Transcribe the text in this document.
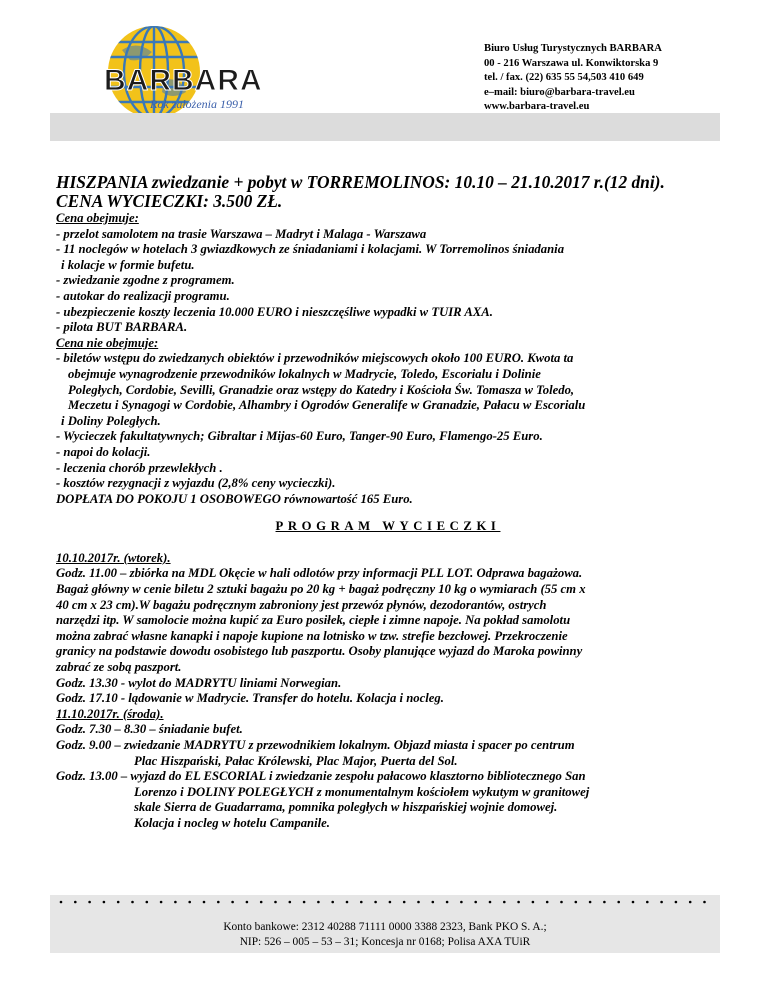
BARBARA
Rok założenia 1991
Biuro Usług Turystycznych BARBARA
00 - 216 Warszawa ul. Konwiktorska 9
tel. / fax. (22) 635 55 54,503 410 649
e–mail: biuro@barbara-travel.eu
www.barbara-travel.eu
HISZPANIA zwiedzanie + pobyt w TORREMOLINOS: 10.10 – 21.10.2017 r.(12 dni).
CENA WYCIECZKI: 3.500 ZŁ.
Cena obejmuje:
- przelot samolotem na trasie Warszawa – Madryt i Malaga - Warszawa
- 11 noclegów w hotelach 3 gwiazdkowych ze śniadaniami i kolacjami. W Torremolinos śniadania
i kolacje w formie bufetu.
- zwiedzanie zgodne z programem.
- autokar do realizacji programu.
- ubezpieczenie koszty leczenia 10.000 EURO i nieszczęśliwe wypadki w TUIR AXA.
- pilota BUT BARBARA.
Cena nie obejmuje:
- biletów wstępu do zwiedzanych obiektów i przewodników miejscowych około 100 EURO. Kwota ta
obejmuje wynagrodzenie przewodników lokalnych w Madrycie, Toledo, Escorialu i Dolinie
Poległych, Cordobie, Sevilli, Granadzie oraz wstępy do Katedry i Kościoła Św. Tomasza w Toledo,
Meczetu i Synagogi w Cordobie, Alhambry i Ogrodów Generalife w Granadzie, Pałacu w Escorialu
i Doliny Poległych.
- Wycieczek fakultatywnych; Gibraltar i Mijas-60 Euro, Tanger-90 Euro, Flamengo-25 Euro.
- napoi do kolacji.
- leczenia chorób przewlekłych .
- kosztów rezygnacji z wyjazdu (2,8% ceny wycieczki).
DOPŁATA DO POKOJU 1 OSOBOWEGO równowartość 165 Euro.
PROGRAM WYCIECZKI
10.10.2017r. (wtorek).
Godz. 11.00 – zbiórka na MDL Okęcie w hali odlotów przy informacji PLL LOT. Odprawa bagażowa.
Bagaż główny w cenie biletu 2 sztuki bagażu po 20 kg + bagaż podręczny 10 kg o wymiarach (55 cm x
40 cm x 23 cm).W bagażu podręcznym zabroniony jest przewóz płynów, dezodorantów, ostrych
narzędzi itp. W samolocie można kupić za Euro posiłek, ciepłe i zimne napoje. Na pokład samolotu
można zabrać własne kanapki i napoje kupione na lotnisko w tzw. strefie bezcłowej. Przekroczenie
granicy na podstawie dowodu osobistego lub paszportu. Osoby planujące wyjazd do Maroka powinny
zabrać ze sobą paszport.
Godz. 13.30 - wylot do MADRYTU liniami Norwegian.
Godz. 17.10 - lądowanie w Madrycie. Transfer do hotelu. Kolacja i nocleg.
11.10.2017r. (środa).
Godz. 7.30 – 8.30 – śniadanie bufet.
Godz. 9.00 – zwiedzanie MADRYTU z przewodnikiem lokalnym. Objazd miasta i spacer po centrum
Plac Hiszpański, Pałac Królewski, Plac Major, Puerta del Sol.
Godz. 13.00 – wyjazd do EL ESCORIAL i zwiedzanie zespołu pałacowo klasztorno bibliotecznego San
Lorenzo i DOLINY POLEGŁYCH z monumentalnym kościołem wykutym w granitowej
skale Sierra de Guadarrama, pomnika poległych w hiszpańskiej wojnie domowej.
Kolacja i nocleg w hotelu Campanile.
Konto bankowe: 2312 40288 71111 0000 3388 2323, Bank PKO S. A.;
NIP: 526 – 005 – 53 – 31; Koncesja nr 0168; Polisa AXA TUiR
